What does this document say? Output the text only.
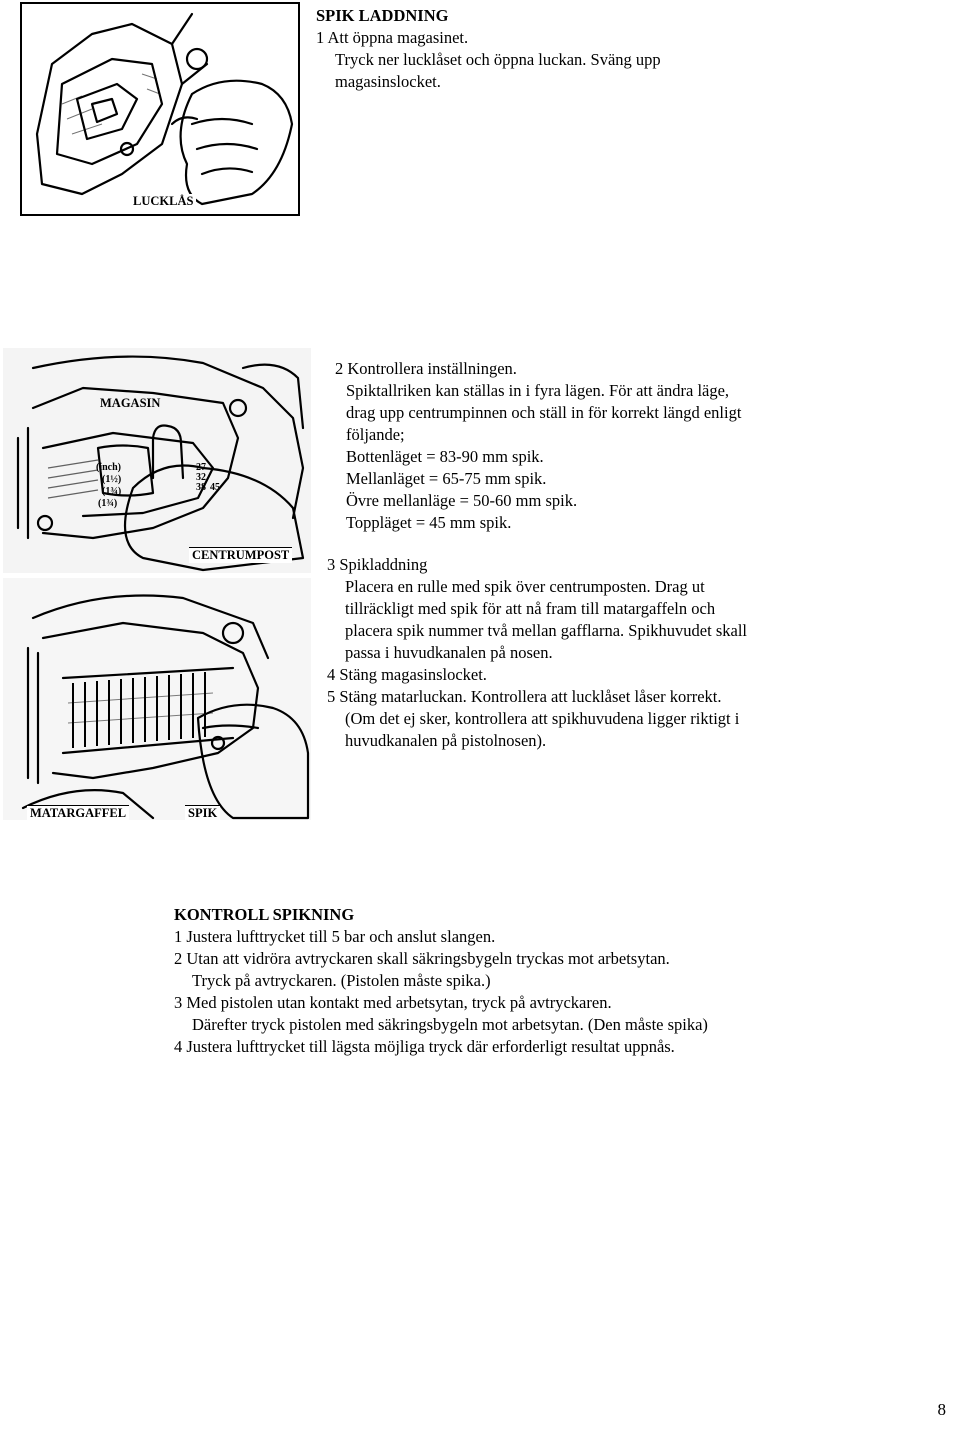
LUCKLÅS
SPIK LADDNING
1 Att öppna magasinet.
Tryck ner lucklåset och öppna luckan. Sväng upp
magasinslocket.
MAGASIN
(inch)
(1½)
(1¾)
(1¾)
27
32
38 45
CENTRUMPOST
2 Kontrollera inställningen.
Spiktallriken kan ställas in i fyra lägen. För att ändra läge,
drag upp centrumpinnen och ställ in för korrekt längd enligt
följande;
Bottenläget = 83-90 mm spik.
Mellanläget = 65-75 mm spik.
Övre mellanläge = 50-60 mm spik.
Toppläget = 45 mm spik.
MATARGAFFEL	SPIK
3 Spikladdning
Placera en rulle med spik över centrumposten. Drag ut
tillräckligt med spik för att nå fram till matargaffeln och
placera spik nummer två mellan gafflarna. Spikhuvudet skall
passa i huvudkanalen på nosen.
4 Stäng magasinslocket.
5 Stäng matarluckan. Kontrollera att lucklåset låser korrekt.
(Om det ej sker, kontrollera att spikhuvudena ligger riktigt i
huvudkanalen på pistolnosen).
KONTROLL SPIKNING
1 Justera lufttrycket till 5 bar och anslut slangen.
2 Utan att vidröra avtryckaren skall säkringsbygeln tryckas mot arbetsytan.
Tryck på avtryckaren. (Pistolen måste spika.)
3 Med pistolen utan kontakt med arbetsytan, tryck på avtryckaren.
Därefter tryck pistolen med säkringsbygeln mot arbetsytan. (Den måste spika)
4 Justera lufttrycket till lägsta möjliga tryck där erforderligt resultat uppnås.
8
